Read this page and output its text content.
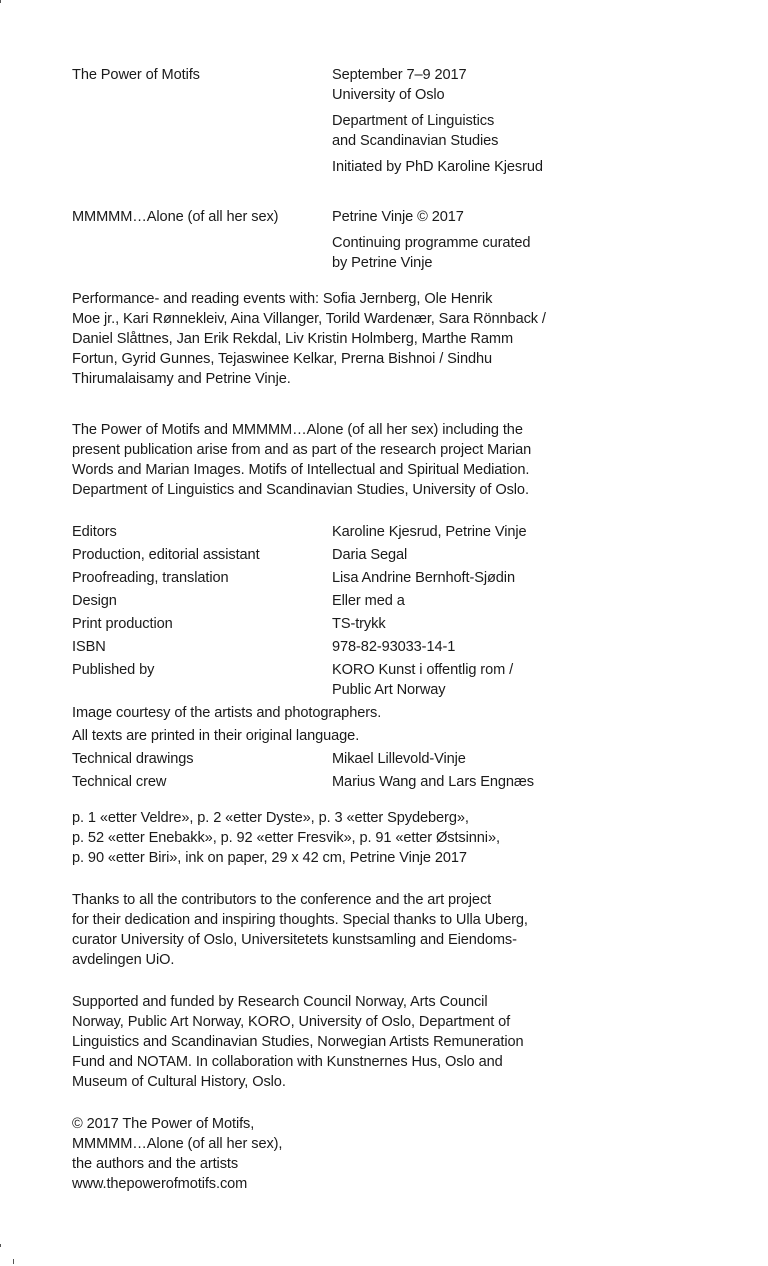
The Power of Motifs	September 7–9 2017
University of Oslo
Department of Linguistics
and Scandinavian Studies
Initiated by PhD Karoline Kjesrud
MMMMM…Alone (of all her sex)	Petrine Vinje © 2017
Continuing programme curated
by Petrine Vinje
Performance- and reading events with: Sofia Jernberg, Ole Henrik
Moe jr., Kari Rønnekleiv, Aina Villanger, Torild Wardenær, Sara Rönnback /
Daniel Slåttnes, Jan Erik Rekdal, Liv Kristin Holmberg, Marthe Ramm
Fortun, Gyrid Gunnes, Tejaswinee Kelkar, Prerna Bishnoi / Sindhu
Thirumalaisamy and Petrine Vinje.
The Power of Motifs and MMMMM…Alone (of all her sex) including the
present publication arise from and as part of the research project Marian
Words and Marian Images. Motifs of Intellectual and Spiritual Mediation.
Department of Linguistics and Scandinavian Studies, University of Oslo.
Editors	Karoline Kjesrud, Petrine Vinje
Production, editorial assistant	Daria Segal
Proofreading, translation	Lisa Andrine Bernhoft-Sjødin
Design	Eller med a
Print production	TS-trykk
ISBN	978-82-93033-14-1
Published by	KORO Kunst i offentlig rom /
Public Art Norway
Image courtesy of the artists and photographers.
All texts are printed in their original language.
Technical drawings	Mikael Lillevold-Vinje
Technical crew	Marius Wang and Lars Engnæs
p. 1 «etter Veldre», p. 2 «etter Dyste», p. 3 «etter Spydeberg»,
p. 52 «etter Enebakk», p. 92 «etter Fresvik», p. 91 «etter Østsinni»,
p. 90 «etter Biri», ink on paper, 29 x 42 cm, Petrine Vinje 2017
Thanks to all the contributors to the conference and the art project
for their dedication and inspiring thoughts. Special thanks to Ulla Uberg,
curator University of Oslo, Universitetets kunstsamling and Eiendoms-
avdelingen UiO.
Supported and funded by Research Council Norway, Arts Council
Norway, Public Art Norway, KORO, University of Oslo, Department of
Linguistics and Scandinavian Studies, Norwegian Artists Remuneration
Fund and NOTAM. In collaboration with Kunstnernes Hus, Oslo and
Museum of Cultural History, Oslo.
© 2017 The Power of Motifs,
MMMMM…Alone (of all her sex),
the authors and the artists
www.thepowerofmotifs.com
